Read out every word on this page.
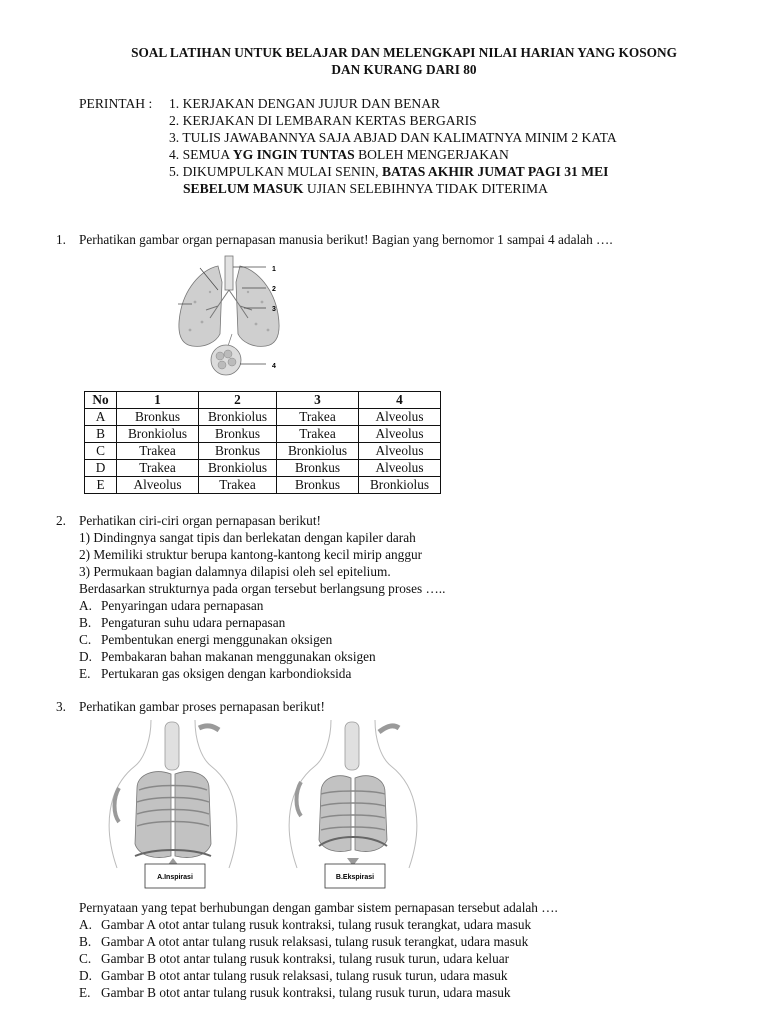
SOAL LATIHAN UNTUK BELAJAR DAN MELENGKAPI NILAI HARIAN YANG KOSONG
DAN KURANG DARI 80
PERINTAH : 1. KERJAKAN DENGAN JUJUR DAN BENAR
2. KERJAKAN DI LEMBARAN KERTAS BERGARIS
3. TULIS JAWABANNYA SAJA ABJAD DAN KALIMATNYA MINIM 2 KATA
4. SEMUA YG INGIN TUNTAS BOLEH MENGERJAKAN
5. DIKUMPULKAN MULAI SENIN, BATAS AKHIR JUMAT PAGI 31 MEI
SEBELUM MASUK UJIAN SELEBIHNYA TIDAK DITERIMA
1. Perhatikan gambar organ pernapasan manusia berikut! Bagian yang bernomor 1 sampai 4 adalah ….
1
2
3
4
No	1	2	3	4
A	Bronkus	Bronkiolus	Trakea	Alveolus
B	Bronkiolus	Bronkus	Trakea	Alveolus
C	Trakea	Bronkus	Bronkiolus	Alveolus
D	Trakea	Bronkiolus	Bronkus	Alveolus
E	Alveolus	Trakea	Bronkus	Bronkiolus
2. Perhatikan ciri-ciri organ pernapasan berikut!
1) Dindingnya sangat tipis dan berlekatan dengan kapiler darah
2) Memiliki struktur berupa kantong-kantong kecil mirip anggur
3) Permukaan bagian dalamnya dilapisi oleh sel epitelium.
Berdasarkan strukturnya pada organ tersebut berlangsung proses …..
A. Penyaringan udara pernapasan
B. Pengaturan suhu udara pernapasan
C. Pembentukan energi menggunakan oksigen
D. Pembakaran bahan makanan menggunakan oksigen
E. Pertukaran gas oksigen dengan karbondioksida
3. Perhatikan gambar proses pernapasan berikut!
A.Inspirasi	B.Ekspirasi
Pernyataan yang tepat berhubungan dengan gambar sistem pernapasan tersebut adalah ….
A. Gambar A otot antar tulang rusuk kontraksi, tulang rusuk terangkat, udara masuk
B. Gambar A otot antar tulang rusuk relaksasi, tulang rusuk terangkat, udara masuk
C. Gambar B otot antar tulang rusuk kontraksi, tulang rusuk turun, udara keluar
D. Gambar B otot antar tulang rusuk relaksasi, tulang rusuk turun, udara masuk
E. Gambar B otot antar tulang rusuk kontraksi, tulang rusuk turun, udara masuk
